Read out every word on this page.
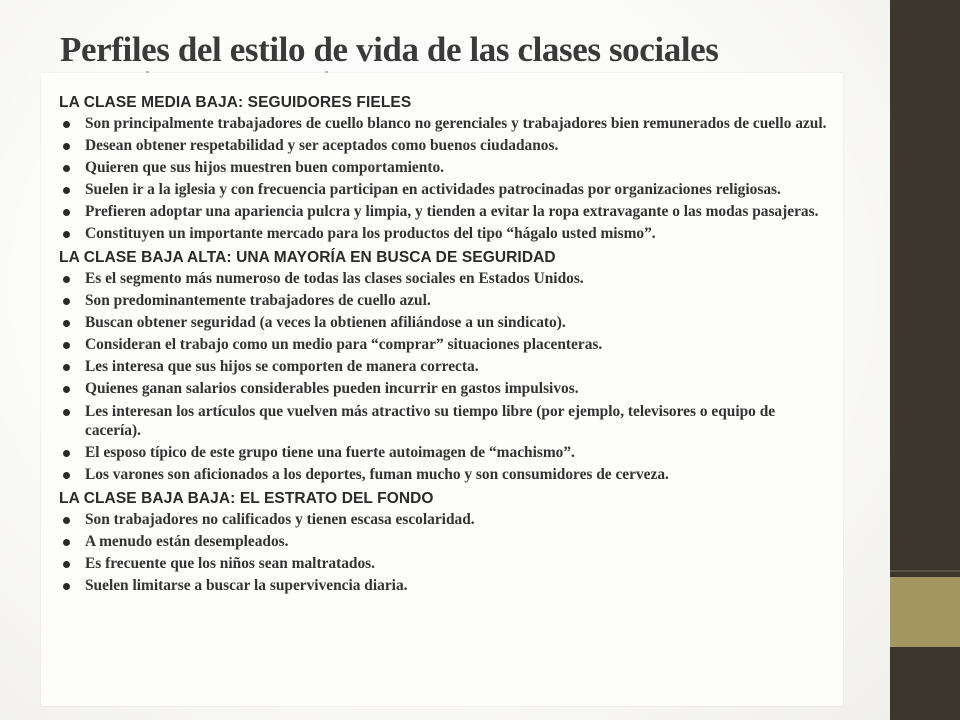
Perfiles del estilo de vida de las clases sociales
LA CLASE MEDIA BAJA: SEGUIDORES FIELES
Son principalmente trabajadores de cuello blanco no gerenciales y trabajadores bien remunerados de cuello azul.
Desean obtener respetabilidad y ser aceptados como buenos ciudadanos.
Quieren que sus hijos muestren buen comportamiento.
Suelen ir a la iglesia y con frecuencia participan en actividades patrocinadas por organizaciones religiosas.
Prefieren adoptar una apariencia pulcra y limpia, y tienden a evitar la ropa extravagante o las modas pasajeras.
Constituyen un importante mercado para los productos del tipo “hágalo usted mismo”.
LA CLASE BAJA ALTA: UNA MAYORÍA EN BUSCA DE SEGURIDAD
Es el segmento más numeroso de todas las clases sociales en Estados Unidos.
Son predominantemente trabajadores de cuello azul.
Buscan obtener seguridad (a veces la obtienen afiliándose a un sindicato).
Consideran el trabajo como un medio para “comprar” situaciones placenteras.
Les interesa que sus hijos se comporten de manera correcta.
Quienes ganan salarios considerables pueden incurrir en gastos impulsivos.
Les interesan los artículos que vuelven más atractivo su tiempo libre (por ejemplo, televisores o equipo de cacería).
El esposo típico de este grupo tiene una fuerte autoimagen de “machismo”.
Los varones son aficionados a los deportes, fuman mucho y son consumidores de cerveza.
LA CLASE BAJA BAJA: EL ESTRATO DEL FONDO
Son trabajadores no calificados y tienen escasa escolaridad.
A menudo están desempleados.
Es frecuente que los niños sean maltratados.
Suelen limitarse a buscar la supervivencia diaria.
